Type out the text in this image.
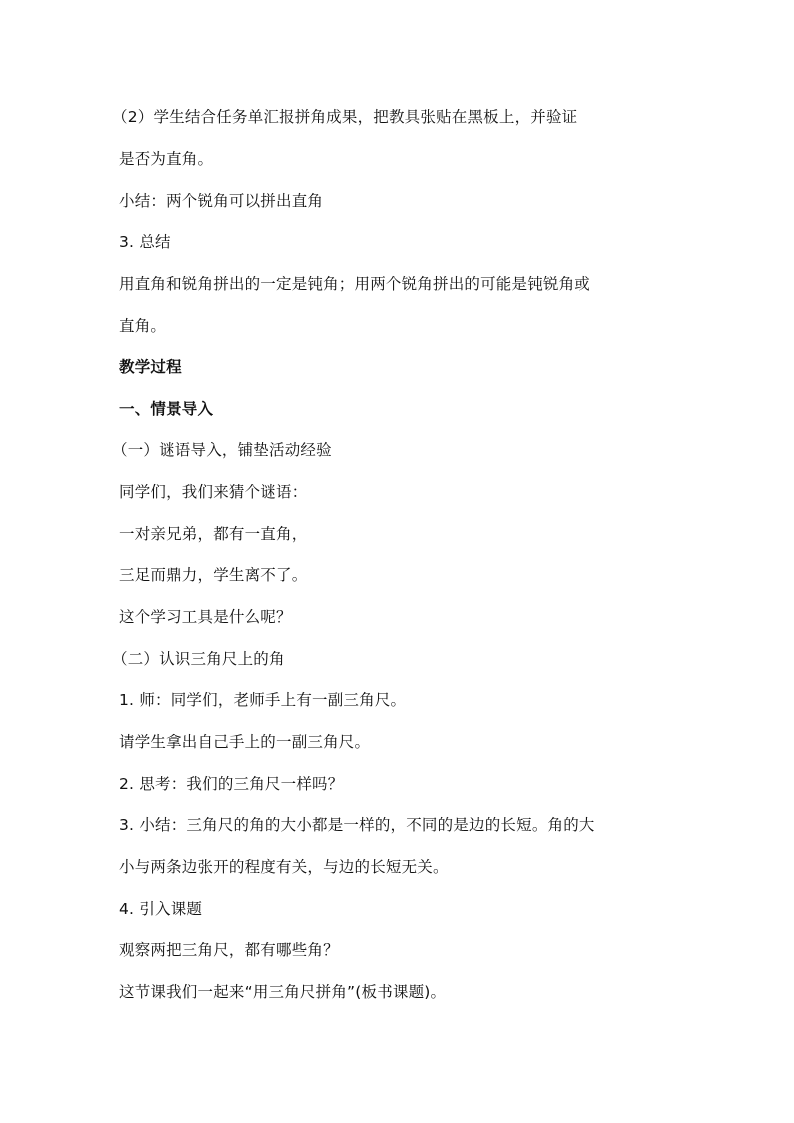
（2）学生结合任务单汇报拼角成果，把教具张贴在黑板上，并验证
是否为直角。
小结：两个锐角可以拼出直角
3. 总结
用直角和锐角拼出的一定是钝角；用两个锐角拼出的可能是钝锐角或
直角。
教学过程
一、情景导入
（一）谜语导入，铺垫活动经验
同学们，我们来猜个谜语：
一对亲兄弟，都有一直角，
三足而鼎力，学生离不了。
这个学习工具是什么呢？
（二）认识三角尺上的角
1. 师：同学们，老师手上有一副三角尺。
请学生拿出自己手上的一副三角尺。
2. 思考：我们的三角尺一样吗？
3. 小结：三角尺的角的大小都是一样的，不同的是边的长短。角的大
小与两条边张开的程度有关，与边的长短无关。
4. 引入课题
观察两把三角尺，都有哪些角？
这节课我们一起来“用三角尺拼角”(板书课题)。
